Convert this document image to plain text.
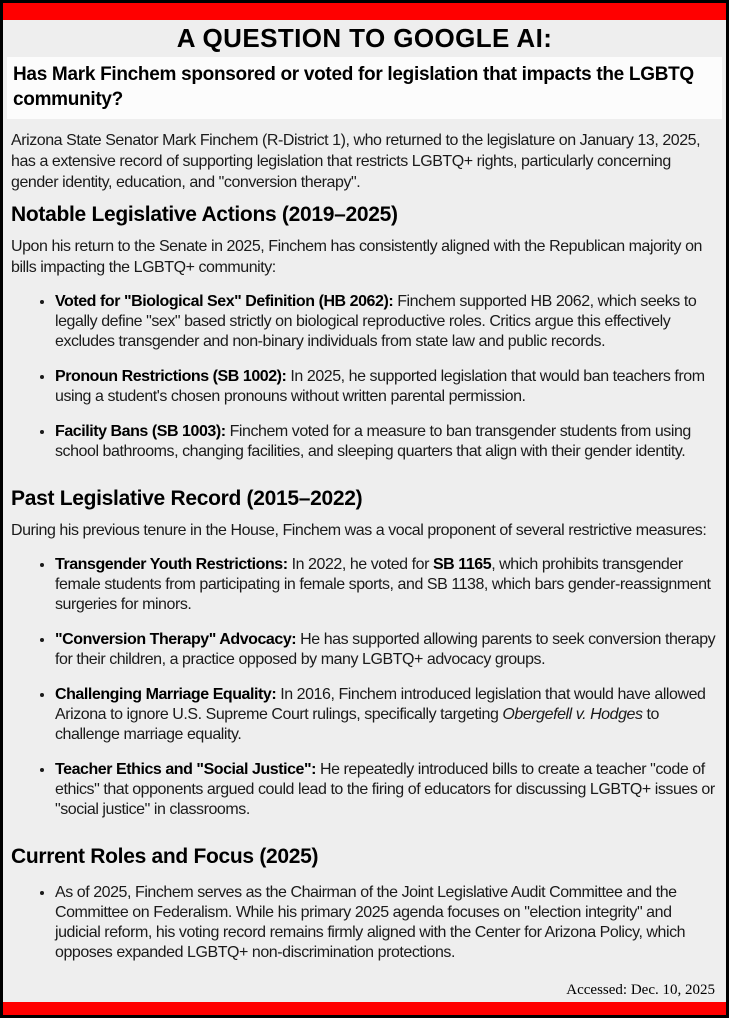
A QUESTION TO GOOGLE AI:
Has Mark Finchem sponsored or voted for legislation that impacts the LGBTQ community?

Arizona State Senator Mark Finchem (R-District 1), who returned to the legislature on January 13, 2025, has a extensive record of supporting legislation that restricts LGBTQ+ rights, particularly concerning gender identity, education, and "conversion therapy".

Notable Legislative Actions (2019–2025)

Upon his return to the Senate in 2025, Finchem has consistently aligned with the Republican majority on bills impacting the LGBTQ+ community:

• Voted for "Biological Sex" Definition (HB 2062): Finchem supported HB 2062, which seeks to legally define "sex" based strictly on biological reproductive roles. Critics argue this effectively excludes transgender and non-binary individuals from state law and public records.
• Pronoun Restrictions (SB 1002): In 2025, he supported legislation that would ban teachers from using a student's chosen pronouns without written parental permission.
• Facility Bans (SB 1003): Finchem voted for a measure to ban transgender students from using school bathrooms, changing facilities, and sleeping quarters that align with their gender identity.
Past Legislative Record (2015–2022)

During his previous tenure in the House, Finchem was a vocal proponent of several restrictive measures:

• Transgender Youth Restrictions: In 2022, he voted for SB 1165, which prohibits transgender female students from participating in female sports, and SB 1138, which bars gender-reassignment surgeries for minors.
• "Conversion Therapy" Advocacy: He has supported allowing parents to seek conversion therapy for their children, a practice opposed by many LGBTQ+ advocacy groups.
• Challenging Marriage Equality: In 2016, Finchem introduced legislation that would have allowed Arizona to ignore U.S. Supreme Court rulings, specifically targeting Obergefell v. Hodges to challenge marriage equality.
• Teacher Ethics and "Social Justice": He repeatedly introduced bills to create a teacher "code of ethics" that opponents argued could lead to the firing of educators for discussing LGBTQ+ issues or "social justice" in classrooms.
Current Roles and Focus (2025)
• As of 2025, Finchem serves as the Chairman of the Joint Legislative Audit Committee and the Committee on Federalism. While his primary 2025 agenda focuses on "election integrity" and judicial reform, his voting record remains firmly aligned with the Center for Arizona Policy, which opposes expanded LGBTQ+ non-discrimination protections.
Accessed: Dec. 10, 2025
